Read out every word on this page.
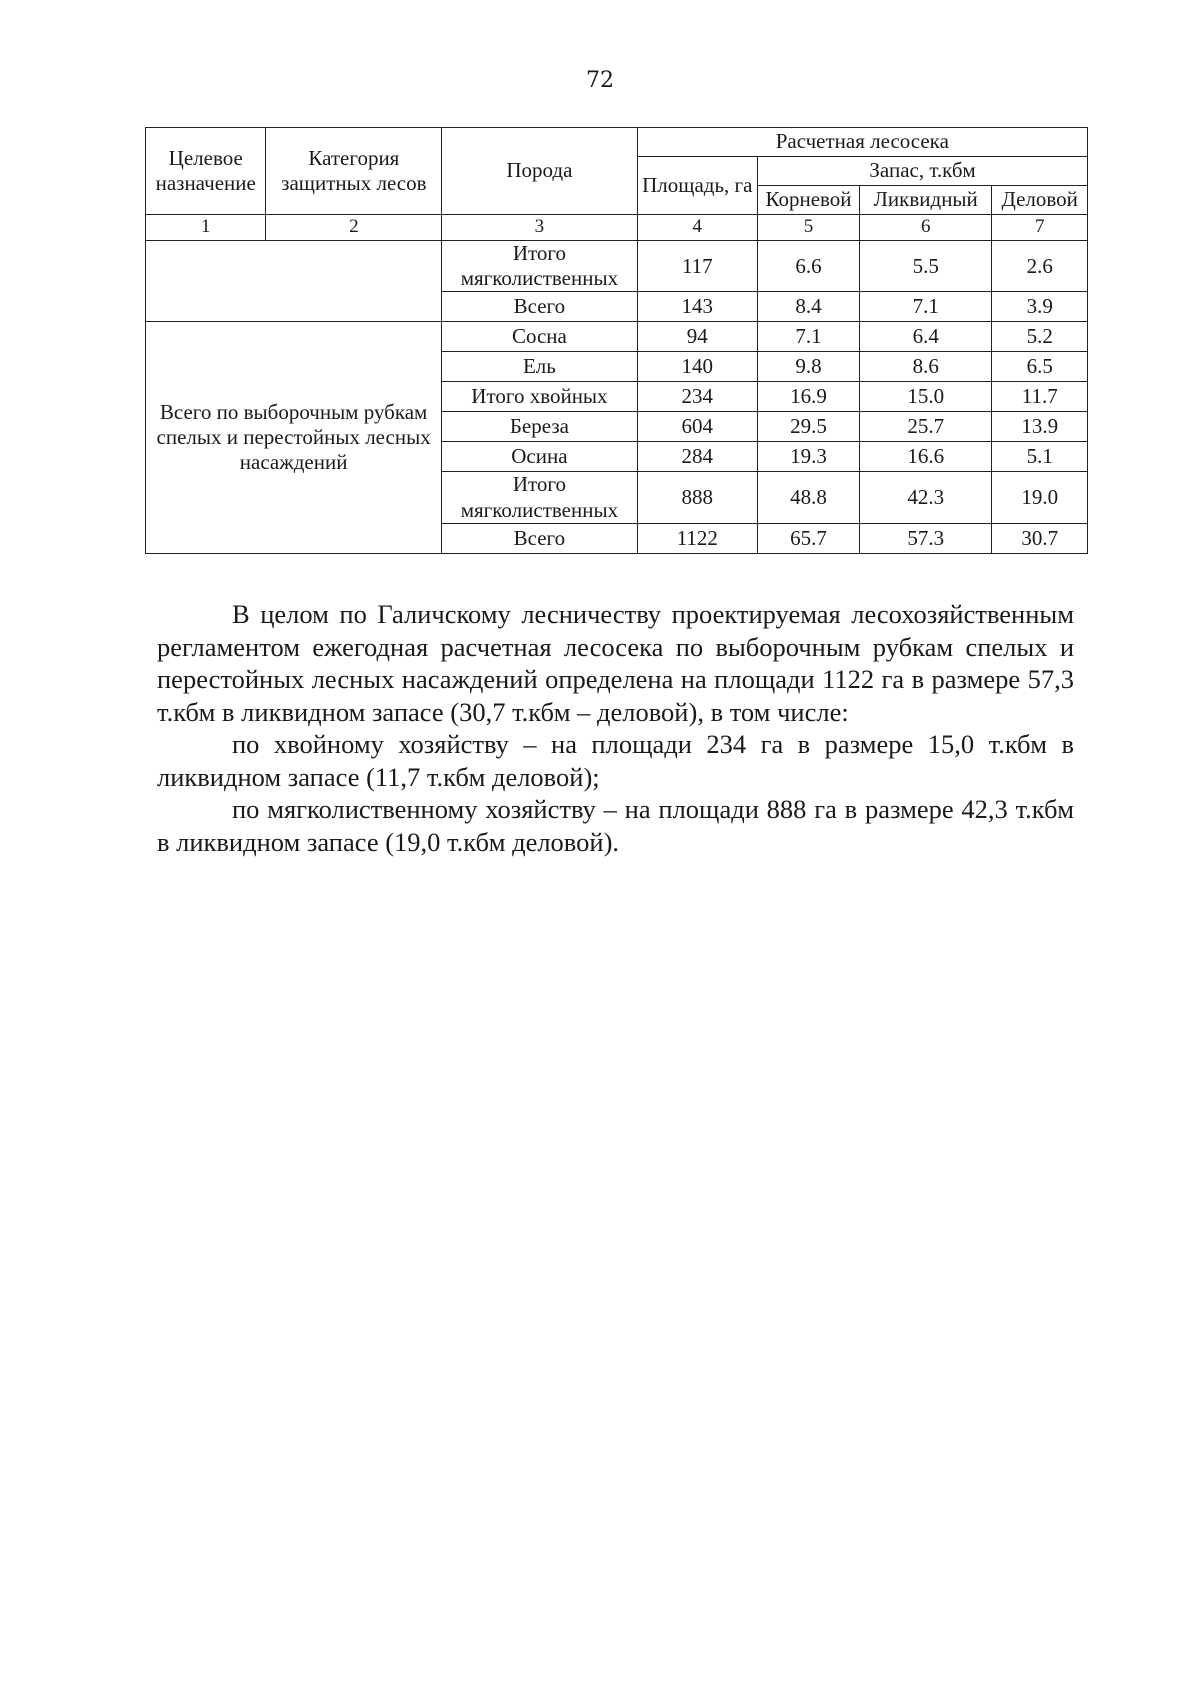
72
Целевое назначение	Категория защитных лесов	Порода	Расчетная лесосека			
			Площадь, га	Запас, т.кбм		
				Корневой	Ликвидный	Деловой
1	2	3	4	5	6	7
		Итого мягколиственных	117	6.6	5.5	2.6
		Всего	143	8.4	7.1	3.9
Всего по выборочным рубкам спелых и перестойных лесных насаждений		Сосна	94	7.1	6.4	5.2
		Ель	140	9.8	8.6	6.5
		Итого хвойных	234	16.9	15.0	11.7
		Береза	604	29.5	25.7	13.9
		Осина	284	19.3	16.6	5.1
		Итого мягколиственных	888	48.8	42.3	19.0
		Всего	1122	65.7	57.3	30.7

В целом по Галичскому лесничеству проектируемая лесохозяйственным регламентом ежегодная расчетная лесосека по выборочным рубкам спелых и перестойных лесных насаждений определена на площади 1122 га в размере 57,3 т.кбм в ликвидном запасе (30,7 т.кбм – деловой), в том числе:

по хвойному хозяйству – на площади 234 га в размере 15,0 т.кбм в ликвидном запасе (11,7 т.кбм деловой);

по мягколиственному хозяйству – на площади 888 га в размере 42,3 т.кбм в ликвидном запасе (19,0 т.кбм деловой).
